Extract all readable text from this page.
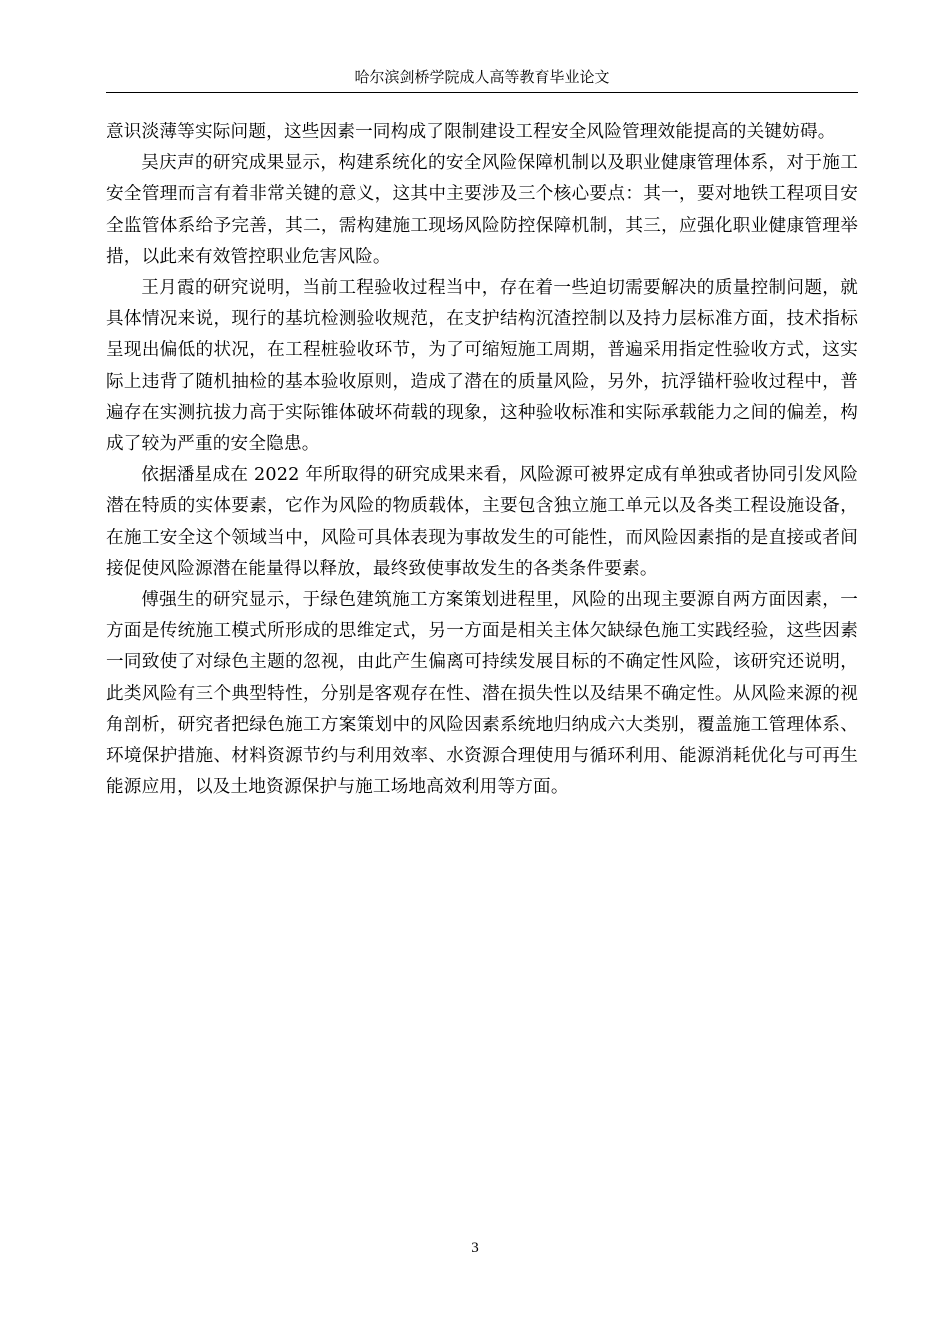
哈尔滨剑桥学院成人高等教育毕业论文

意识淡薄等实际问题，这些因素一同构成了限制建设工程安全风险管理效能提高的关键妨碍。

吴庆声的研究成果显示，构建系统化的安全风险保障机制以及职业健康管理体系，对于施工安全管理而言有着非常关键的意义，这其中主要涉及三个核心要点：其一，要对地铁工程项目安全监管体系给予完善，其二，需构建施工现场风险防控保障机制，其三，应强化职业健康管理举措，以此来有效管控职业危害风险。

王月霞的研究说明，当前工程验收过程当中，存在着一些迫切需要解决的质量控制问题，就具体情况来说，现行的基坑检测验收规范，在支护结构沉渣控制以及持力层标准方面，技术指标呈现出偏低的状况，在工程桩验收环节，为了可缩短施工周期，普遍采用指定性验收方式，这实际上违背了随机抽检的基本验收原则，造成了潜在的质量风险，另外，抗浮锚杆验收过程中，普遍存在实测抗拔力高于实际锥体破坏荷载的现象，这种验收标准和实际承载能力之间的偏差，构成了较为严重的安全隐患。

依据潘星成在 2022 年所取得的研究成果来看，风险源可被界定成有单独或者协同引发风险潜在特质的实体要素，它作为风险的物质载体，主要包含独立施工单元以及各类工程设施设备，在施工安全这个领域当中，风险可具体表现为事故发生的可能性，而风险因素指的是直接或者间接促使风险源潜在能量得以释放，最终致使事故发生的各类条件要素。

傅强生的研究显示，于绿色建筑施工方案策划进程里，风险的出现主要源自两方面因素，一方面是传统施工模式所形成的思维定式，另一方面是相关主体欠缺绿色施工实践经验，这些因素一同致使了对绿色主题的忽视，由此产生偏离可持续发展目标的不确定性风险，该研究还说明，此类风险有三个典型特性，分别是客观存在性、潜在损失性以及结果不确定性。从风险来源的视角剖析，研究者把绿色施工方案策划中的风险因素系统地归纳成六大类别，覆盖施工管理体系、环境保护措施、材料资源节约与利用效率、水资源合理使用与循环利用、能源消耗优化与可再生能源应用，以及土地资源保护与施工场地高效利用等方面。

3
